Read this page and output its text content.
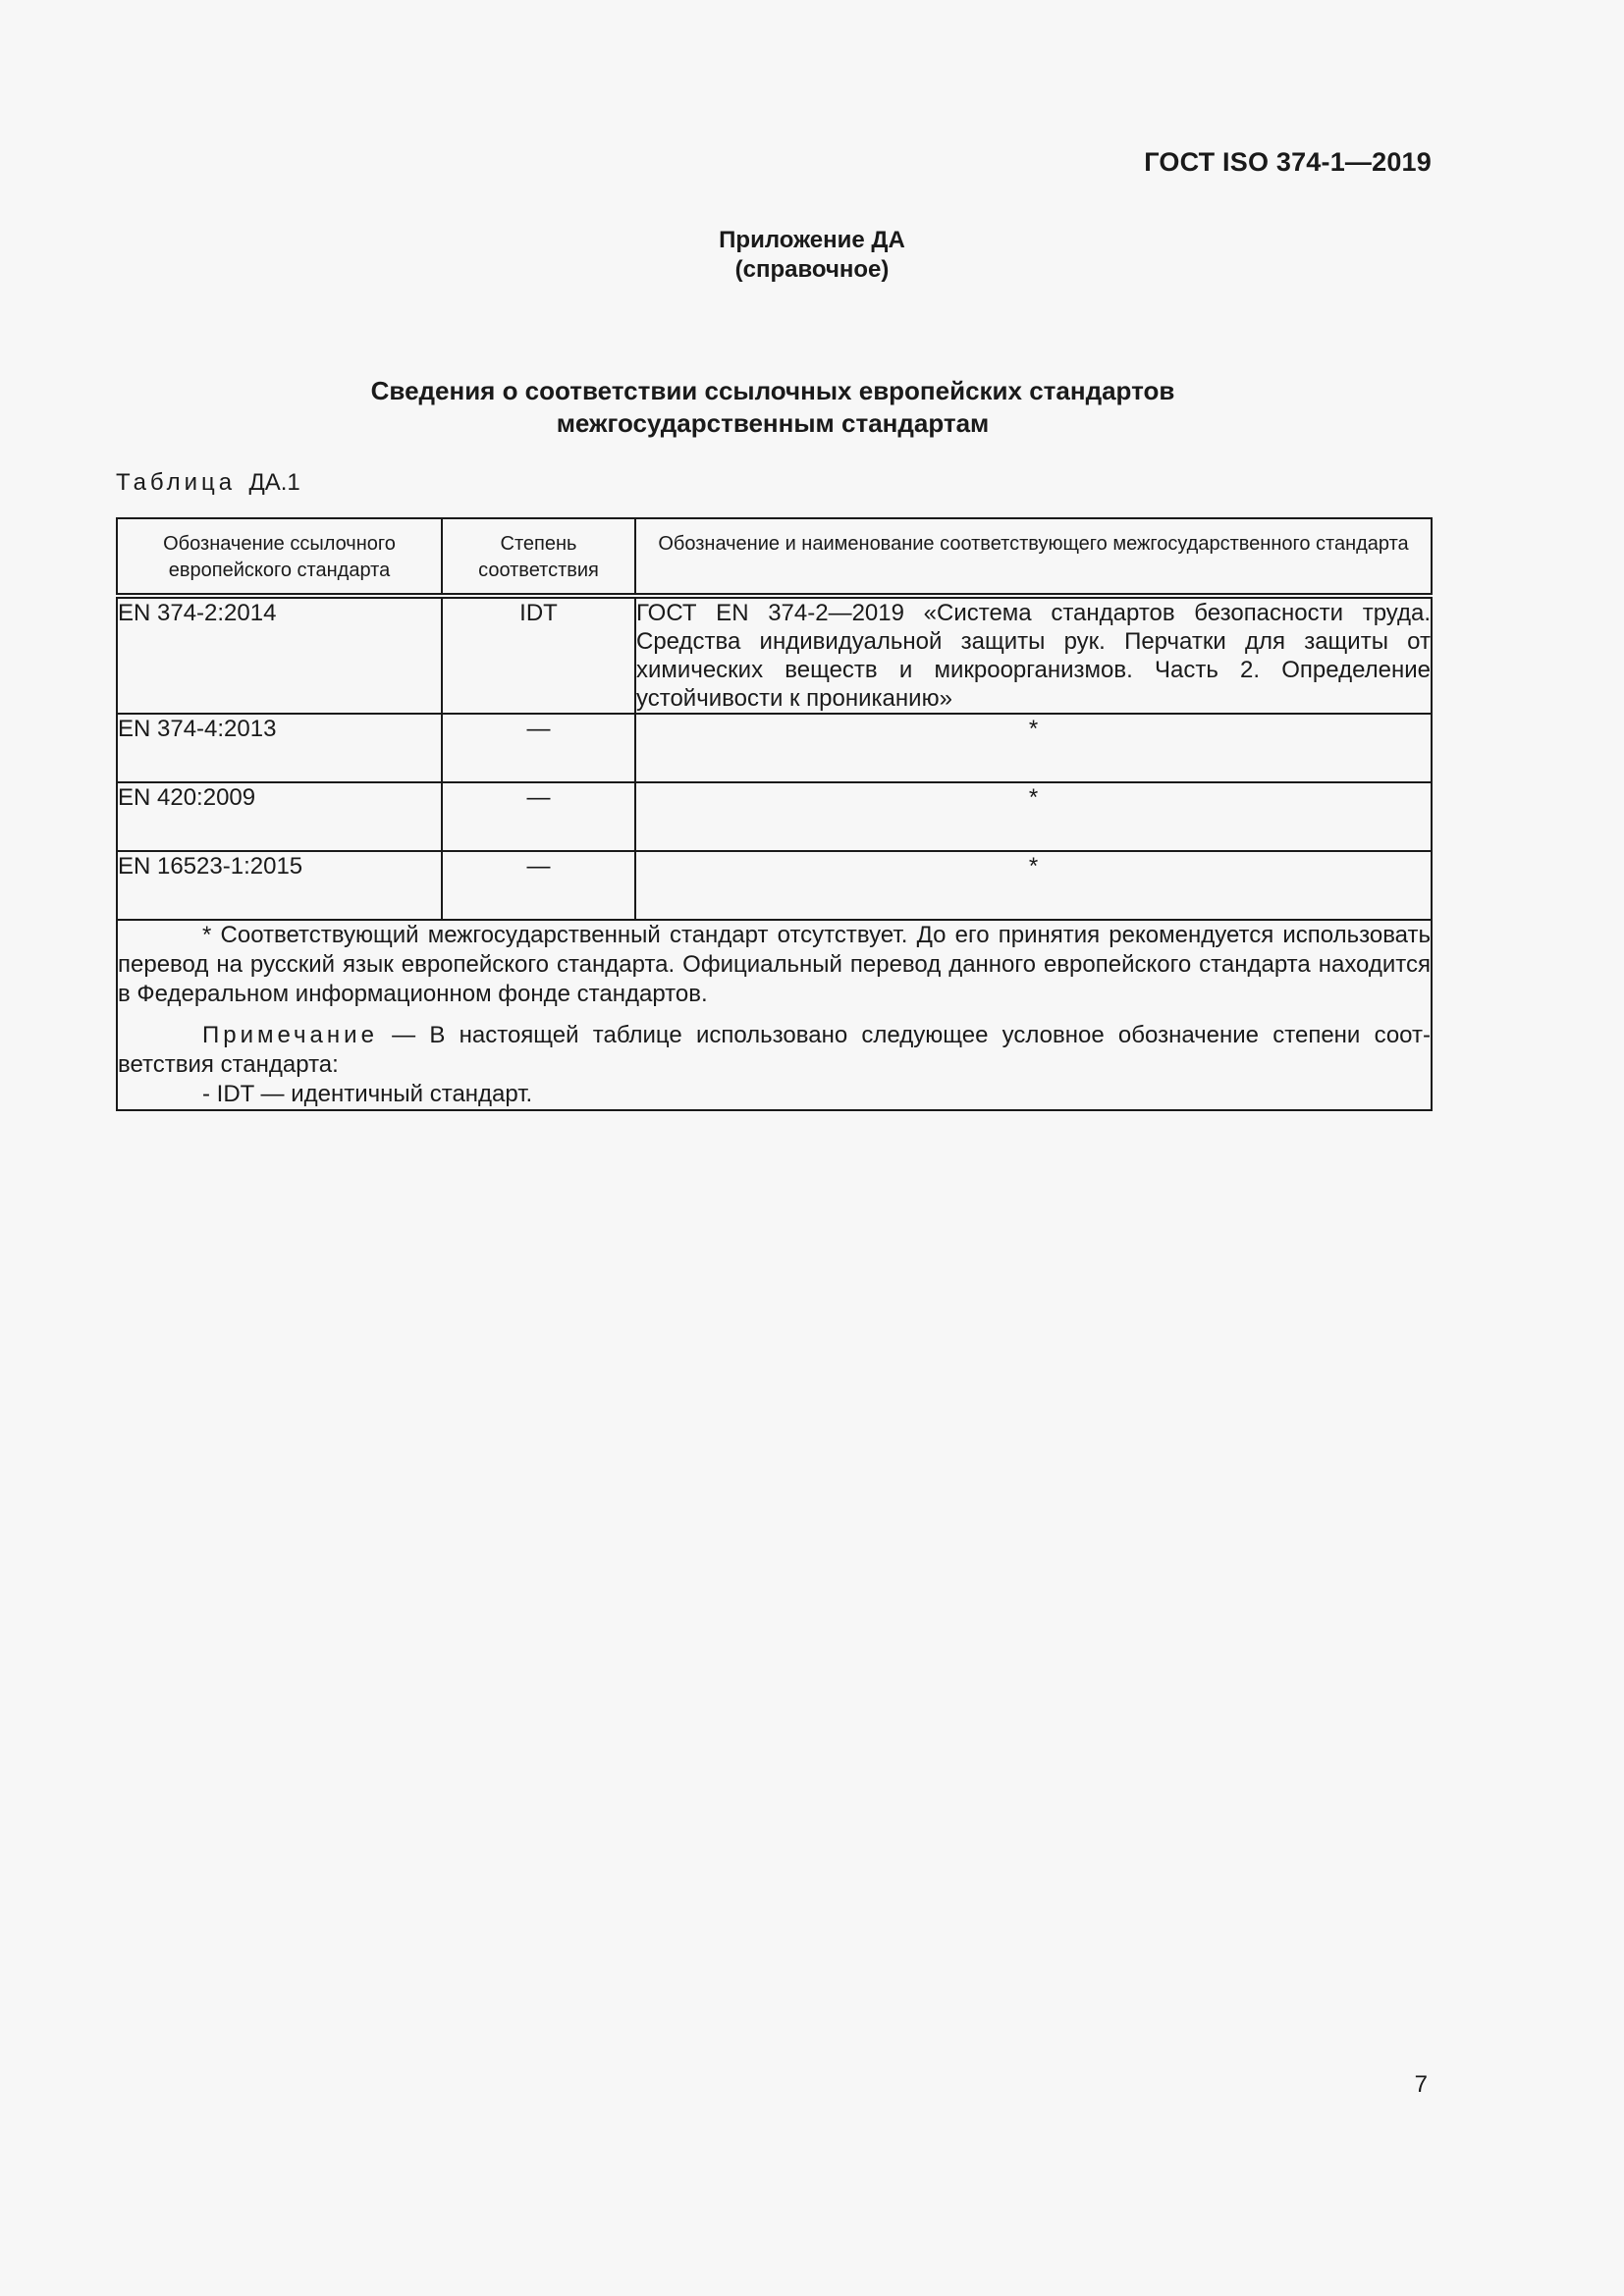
ГОСТ ISO 374-1—2019
Приложение ДА
(справочное)
Сведения о соответствии ссылочных европейских стандартов
межгосударственным стандартам
Таблица ДА.1
Обозначение ссылочного европейского стандарта	Степень соответствия	Обозначение и наименование соответствующего межгосударственного стандарта
EN 374-2:2014	IDT	ГОСТ EN 374-2—2019 «Система стандартов безопасности труда. Средства индивидуальной защиты рук. Перчатки для защиты от химических веществ и микроорганизмов. Часть 2. Определение устойчивости к прониканию»
EN 374-4:2013	—	*
EN 420:2009	—	*
EN 16523-1:2015	—	*

* Соответствующий межгосударственный стандарт отсутствует. До его принятия рекомендуется использовать перевод на русский язык европейского стандарта. Официальный перевод данного европейского стандарта находится в Федеральном информационном фонде стандартов.

Примечание — В настоящей таблице использовано следующее условное обозначение степени соответствия стандарта:

- IDT — идентичный стандарт.		

7
